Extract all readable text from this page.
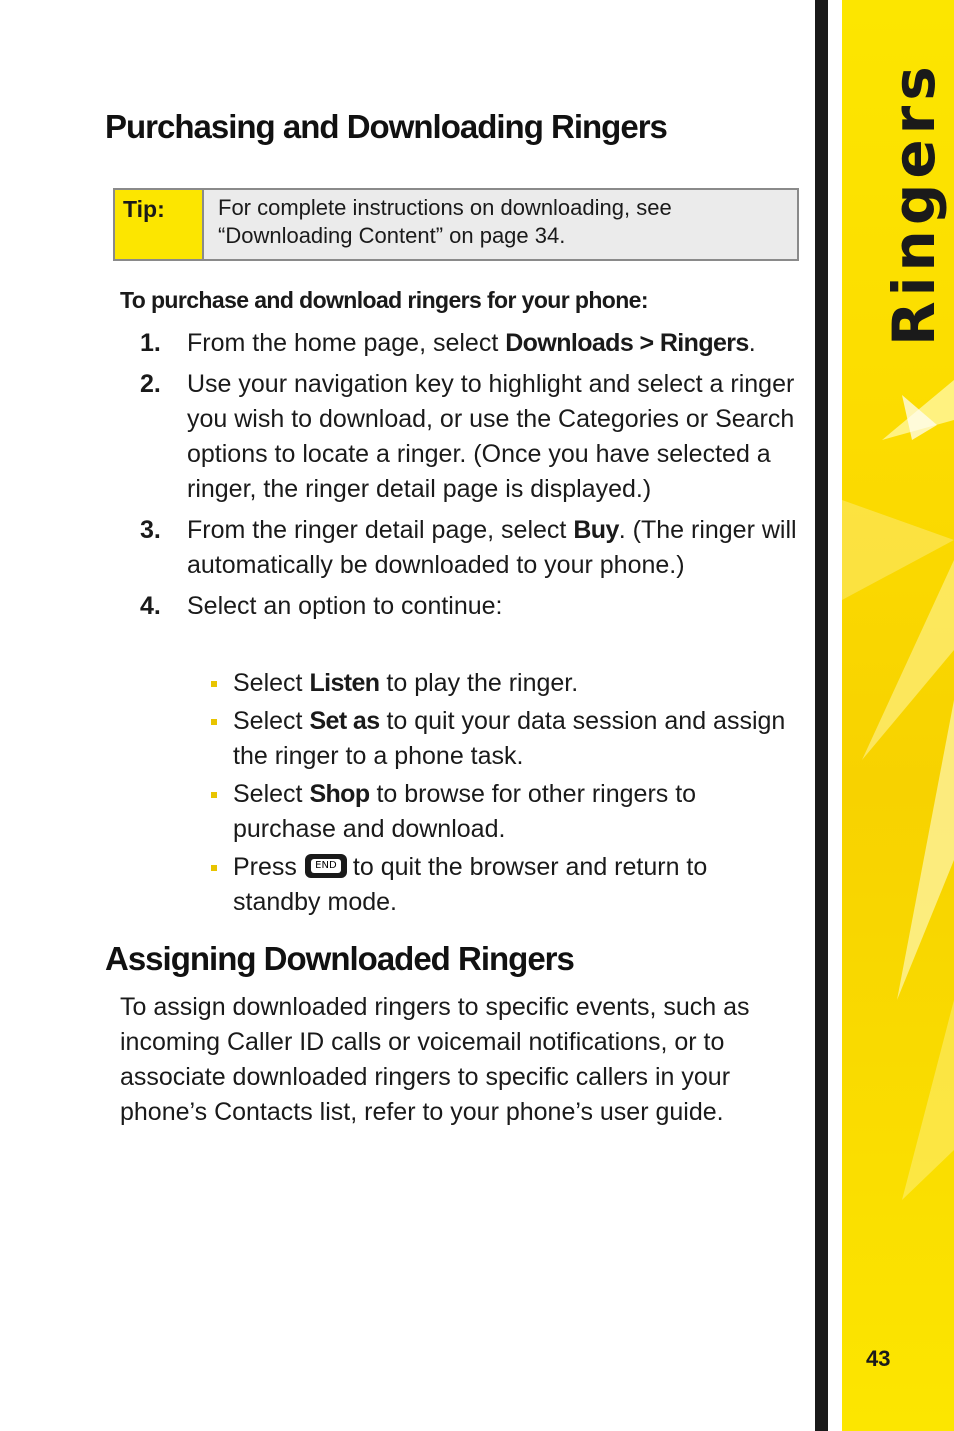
Purchasing and Downloading Ringers
Tip:	For complete instructions on downloading, see “Downloading Content” on page 34.
To purchase and download ringers for your phone:
1.	From the home page, select Downloads > Ringers.
2.	Use your navigation key to highlight and select a ringer you wish to download, or use the Categories or Search options to locate a ringer. (Once you have selected a ringer, the ringer detail page is displayed.)
3.	From the ringer detail page, select Buy. (The ringer will automatically be downloaded to your phone.)
4.	Select an option to continue:
Select Listen to play the ringer.
Select Set as to quit your data session and assign the ringer to a phone task.
Select Shop to browse for other ringers to purchase and download.
Press	END to quit the browser and return to standby mode.
Assigning Downloaded Ringers
To assign downloaded ringers to specific events, such as incoming Caller ID calls or voicemail notifications, or to associate downloaded ringers to specific callers in your phone’s Contacts list, refer to your phone’s user guide.
Ringers
43
